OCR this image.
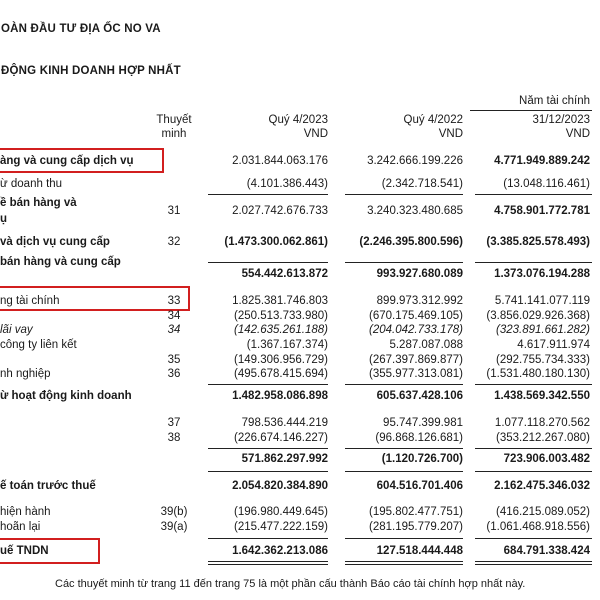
OÀN ĐẦU TƯ ĐỊA ỐC NO VA
ĐỘNG KINH DOANH HỢP NHẤT
Năm tài chính
Thuyết
minh
Quý 4/2023
VND
Quý 4/2022
VND
31/12/2023
VND
àng và cung cấp dịch vụ	2.031.844.063.176	3.242.666.199.226	4.771.949.889.242
ừ doanh thu	(4.101.386.443)	(2.342.718.541)	(13.048.116.461)
ề bán hàng và
ụ
31	2.027.742.676.733	3.240.323.480.685	4.758.901.772.781
và dịch vụ cung cấp	32	(1.473.300.062.861)	(2.246.395.800.596) (3.385.825.578.493)
bán hàng và cung cấp
554.442.613.872	993.927.680.089	1.373.076.194.288
ng tài chính	33	1.825.381.746.803	899.973.312.992	5.741.141.077.119
34	(250.513.733.980)	(670.175.469.105) (3.856.029.926.368)
lãi vay	34	(142.635.261.188)	(204.042.733.178)	(323.891.661.282)
công ty liên kết	(1.367.167.374)	5.287.087.088	4.617.911.974
35	(149.306.956.729)	(267.397.869.877)	(292.755.734.333)
nh nghiệp	36	(495.678.415.694)	(355.977.313.081) (1.531.480.180.130)
ừ hoạt động kinh doanh	1.482.958.086.898	605.637.428.106	1.438.569.342.550
37	798.536.444.219	95.747.399.981	1.077.118.270.562
38	(226.674.146.227)	(96.868.126.681)	(353.212.267.080)
571.862.297.992	(1.120.726.700)	723.906.003.482
ế toán trước thuế	2.054.820.384.890	604.516.701.406	2.162.475.346.032
hiện hành	39(b)	(196.980.449.645)	(195.802.477.751)	(416.215.089.052)
hoãn lại	39(a)	(215.477.222.159)	(281.195.779.207) (1.061.468.918.556)
uế TNDN	1.642.362.213.086	127.518.444.448	684.791.338.424
Các thuyết minh từ trang 11 đến trang 75 là một phần cấu thành Báo cáo tài chính hợp nhất này.
